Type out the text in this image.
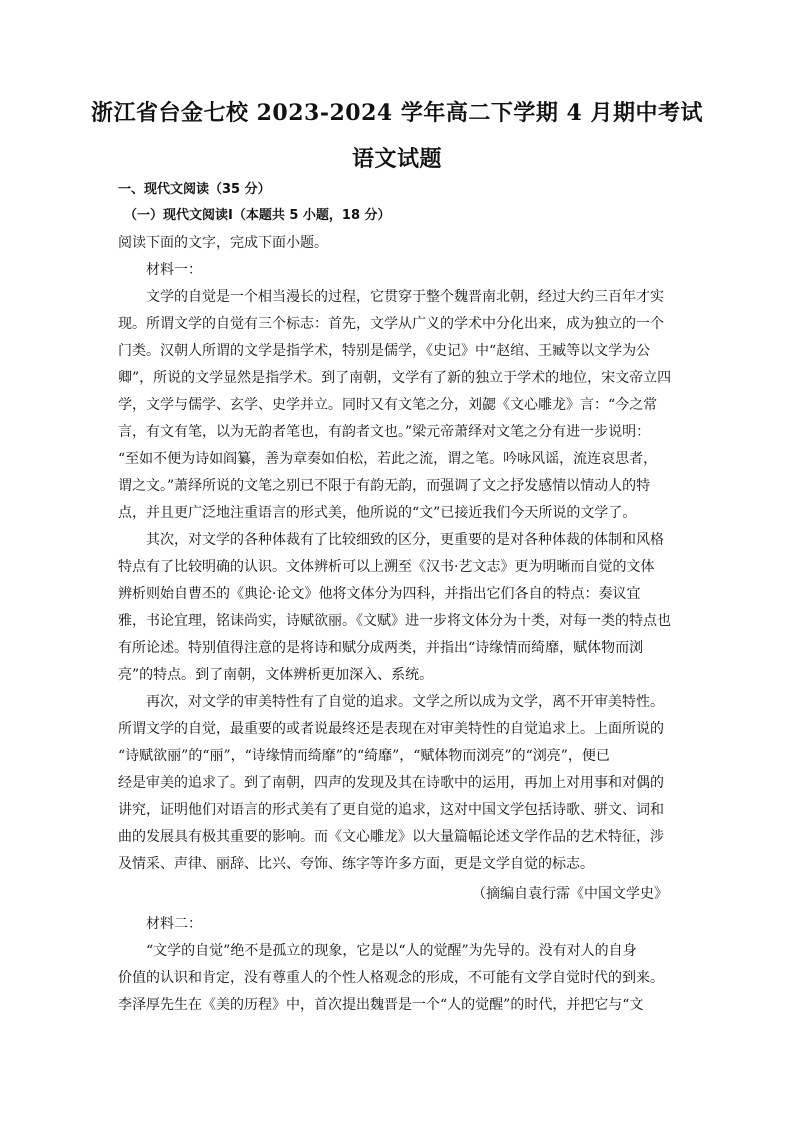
浙江省台金七校 2023-2024 学年高二下学期 4 月期中考试
语文试题
一、现代文阅读（35 分）
（一）现代文阅读Ⅰ（本题共 5 小题，18 分）
阅读下面的文字，完成下面小题。
材料一：
　　文学的自觉是一个相当漫长的过程，它贯穿于整个魏晋南北朝，经过大约三百年才实
现。所谓文学的自觉有三个标志：首先，文学从广义的学术中分化出来，成为独立的一个
门类。汉朝人所谓的文学是指学术，特别是儒学，《史记》中“赵绾、王臧等以文学为公
卿”，所说的文学显然是指学术。到了南朝，文学有了新的独立于学术的地位，宋文帝立四
学，文学与儒学、玄学、史学并立。同时又有文笔之分，刘勰《文心雕龙》言：“今之常
言，有文有笔，以为无韵者笔也，有韵者文也。”梁元帝萧绎对文笔之分有进一步说明：
“至如不便为诗如阎纂，善为章奏如伯松，若此之流，谓之笔。吟咏风谣，流连哀思者，
谓之文。”萧绎所说的文笔之别已不限于有韵无韵，而强调了文之抒发感情以情动人的特
点，并且更广泛地注重语言的形式美，他所说的“文”已接近我们今天所说的文学了。
　　其次，对文学的各种体裁有了比较细致的区分，更重要的是对各种体裁的体制和风格
特点有了比较明确的认识。文体辨析可以上溯至《汉书·艺文志》更为明晰而自觉的文体
辨析则始自曹丕的《典论·论文》他将文体分为四科，并指出它们各自的特点：奏议宜
雅，书论宜理，铭诔尚实，诗赋欲丽。《文赋》进一步将文体分为十类，对每一类的特点也
有所论述。特别值得注意的是将诗和赋分成两类，并指出“诗缘情而绮靡，赋体物而浏
亮”的特点。到了南朝，文体辨析更加深入、系统。
　　再次，对文学的审美特性有了自觉的追求。文学之所以成为文学，离不开审美特性。
所谓文学的自觉，最重要的或者说最终还是表现在对审美特性的自觉追求上。上面所说的
“诗赋欲丽”的“丽”，“诗缘情而绮靡”的“绮靡”，“赋体物而浏亮”的“浏亮”，便已
经是审美的追求了。到了南朝，四声的发现及其在诗歌中的运用，再加上对用事和对偶的
讲究，证明他们对语言的形式美有了更自觉的追求，这对中国文学包括诗歌、骈文、词和
曲的发展具有极其重要的影响。而《文心雕龙》以大量篇幅论述文学作品的艺术特征，涉
及情采、声律、丽辞、比兴、夸饰、练字等许多方面，更是文学自觉的标志。
（摘编自袁行霈《中国文学史》
材料二：
　　“文学的自觉”绝不是孤立的现象，它是以“人的觉醒”为先导的。没有对人的自身
价值的认识和肯定，没有尊重人的个性人格观念的形成，不可能有文学自觉时代的到来。
李泽厚先生在《美的历程》中，首次提出魏晋是一个“人的觉醒”的时代，并把它与“文
